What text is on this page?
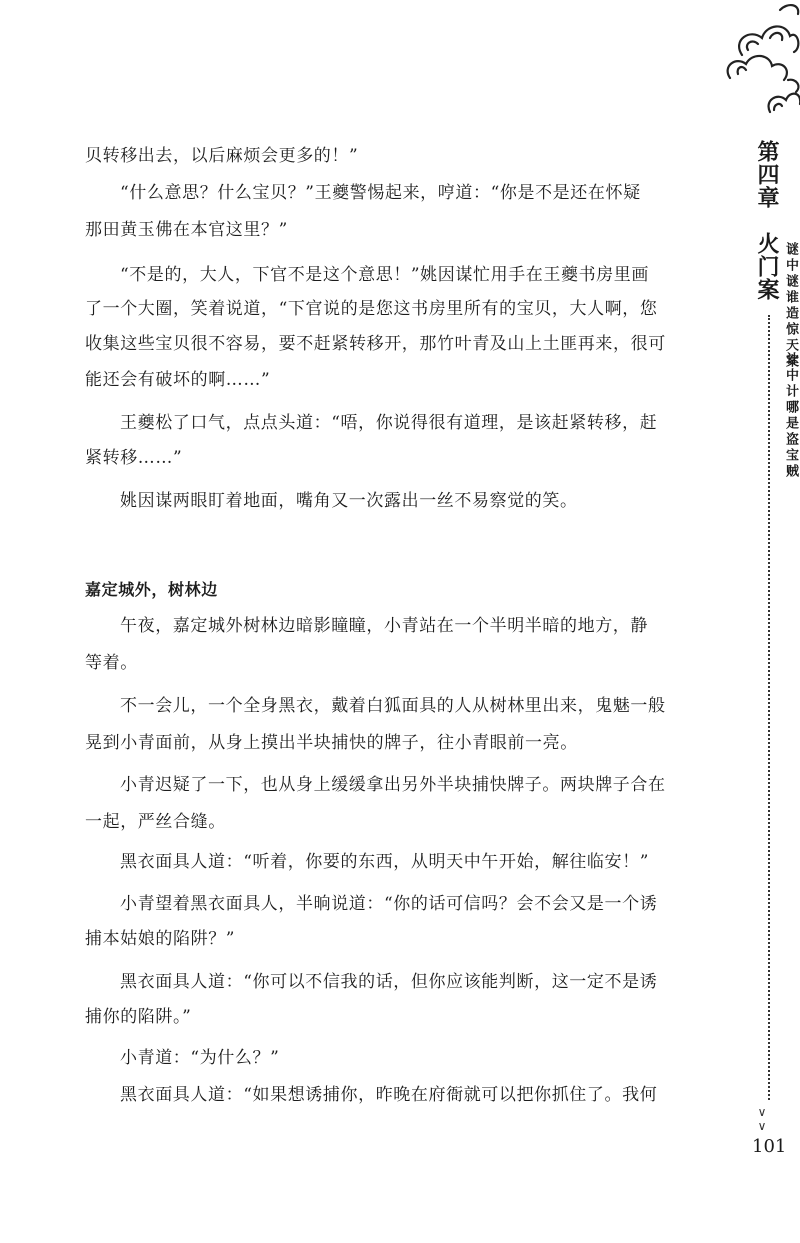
贝转移出去，以后麻烦会更多的！”
“什么意思？什么宝贝？”王夔警惕起来，哼道：“你是不是还在怀疑
那田黄玉佛在本官这里？”
“不是的，大人，下官不是这个意思！”姚因谋忙用手在王夔书房里画
了一个大圈，笑着说道，“下官说的是您这书房里所有的宝贝，大人啊，您
收集这些宝贝很不容易，要不赶紧转移开，那竹叶青及山上土匪再来，很可
能还会有破坏的啊……”
王夔松了口气，点点头道：“唔，你说得很有道理，是该赶紧转移，赶
紧转移……”
姚因谋两眼盯着地面，嘴角又一次露出一丝不易察觉的笑。
嘉定城外，树林边
午夜，嘉定城外树林边暗影瞳瞳，小青站在一个半明半暗的地方，静
等着。
不一会儿，一个全身黑衣，戴着白狐面具的人从树林里出来，鬼魅一般
晃到小青面前，从身上摸出半块捕快的牌子，往小青眼前一亮。
小青迟疑了一下，也从身上缓缓拿出另外半块捕快牌子。两块牌子合在
一起，严丝合缝。
黑衣面具人道：“听着，你要的东西，从明天中午开始，解往临安！”
小青望着黑衣面具人，半晌说道：“你的话可信吗？会不会又是一个诱
捕本姑娘的陷阱？”
黑衣面具人道：“你可以不信我的话，但你应该能判断，这一定不是诱
捕你的陷阱。”
小青道：“为什么？”
黑衣面具人道：“如果想诱捕你，昨晚在府衙就可以把你抓住了。我何
第四章
火门案 谜中谜谁造惊天案
计中计哪是盗宝贼
∨∨
101
